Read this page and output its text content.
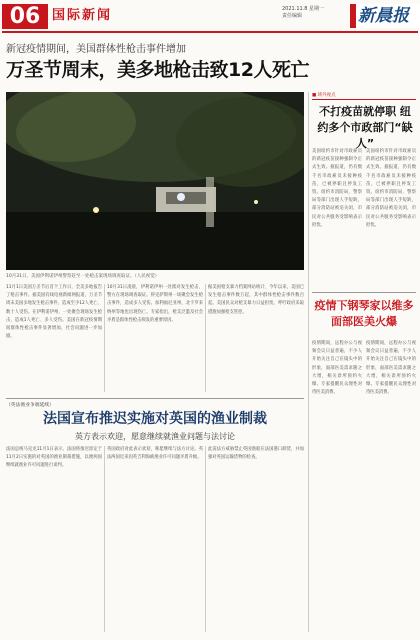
06 国际新闻	2021.11.8 星期一
责任编辑	新晨报
新冠疫情期间，美国群体性枪击事件增加
万圣节周末，美多地枪击致12人死亡
10月31日，美国伊利诺伊州警察赶至一处枪击案现场调查取证。（人民视觉）
11月1日美国万圣节后首个工作日，全美多地报告了枪击事件。据美国有线电视新闻网报道，万圣节周末美国多地发生枪击事件，造成至少12人死亡、数十人受伤。在伊利诺伊州，一处聚会现场发生枪击，造成1人死亡、多人受伤。美国在新冠疫情期间群体性枪击事件显著增加，社会问题进一步加剧。
10月31日凌晨，伊利诺伊州一处派对发生枪击，警方在现场调查取证。得克萨斯州一场聚会发生枪击事件，造成多人受伤。加利福尼亚州、北卡罗来纳州等地也出现伤亡。专家指出，枪支泛滥及社会矛盾是群体性枪击频发的重要原因。
据美国枪支暴力档案网站统计，今年以来，美国已发生枪击事件数万起，其中群体性枪击事件数百起。美国民众对枪支暴力日益担忧，呼吁政府采取措施加强枪支管控。
■ 域外视点
不打疫苗就停职 纽约多个市政部门“缺人”
美国纽约市针对市政雇员的新冠疫苗接种强制令正式生效。据报道，仍有数千名市政雇员未接种疫苗，已被停职且停发工资。纽约市消防局、警察局等部门出现人手短缺，部分消防站被迫关闭，市民对公共服务受影响表示担忧。
美国纽约市针对市政雇员的新冠疫苗接种强制令正式生效。据报道，仍有数千名市政雇员未接种疫苗，已被停职且停发工资。纽约市消防局、警察局等部门出现人手短缺，部分消防站被迫关闭，市民对公共服务受影响表示担忧。
疫情下钢琴家以维多面部医美火爆
疫情期间，远程办公与视频会议日益普遍，不少人开始关注自己在镜头中的形象，面部医美需求随之大增，相关诊所预约火爆。专家提醒民众理性对待医美消费。
疫情期间，远程办公与视频会议日益普遍，不少人开始关注自己在镜头中的形象，面部医美需求随之大增，相关诊所预约火爆。专家提醒民众理性对待医美消费。
（英法渔业争端延续）
法国宣布推迟实施对英国的渔业制裁
英方表示欢迎，愿意继续就渔业问题与法讨论
法国总统马克龙11月1日表示，法国将推迟原定于11月2日实施的对英国的渔业制裁措施，以便两国继续就渔业许可问题进行谈判。
英国政府对此表示欢迎，称愿继续与法方讨论。英法两国近来因英吉利海峡渔业许可问题矛盾升级。
此前法方威胁禁止英国渔船在法国港口卸货，并加强对英国运输货物的检查。
